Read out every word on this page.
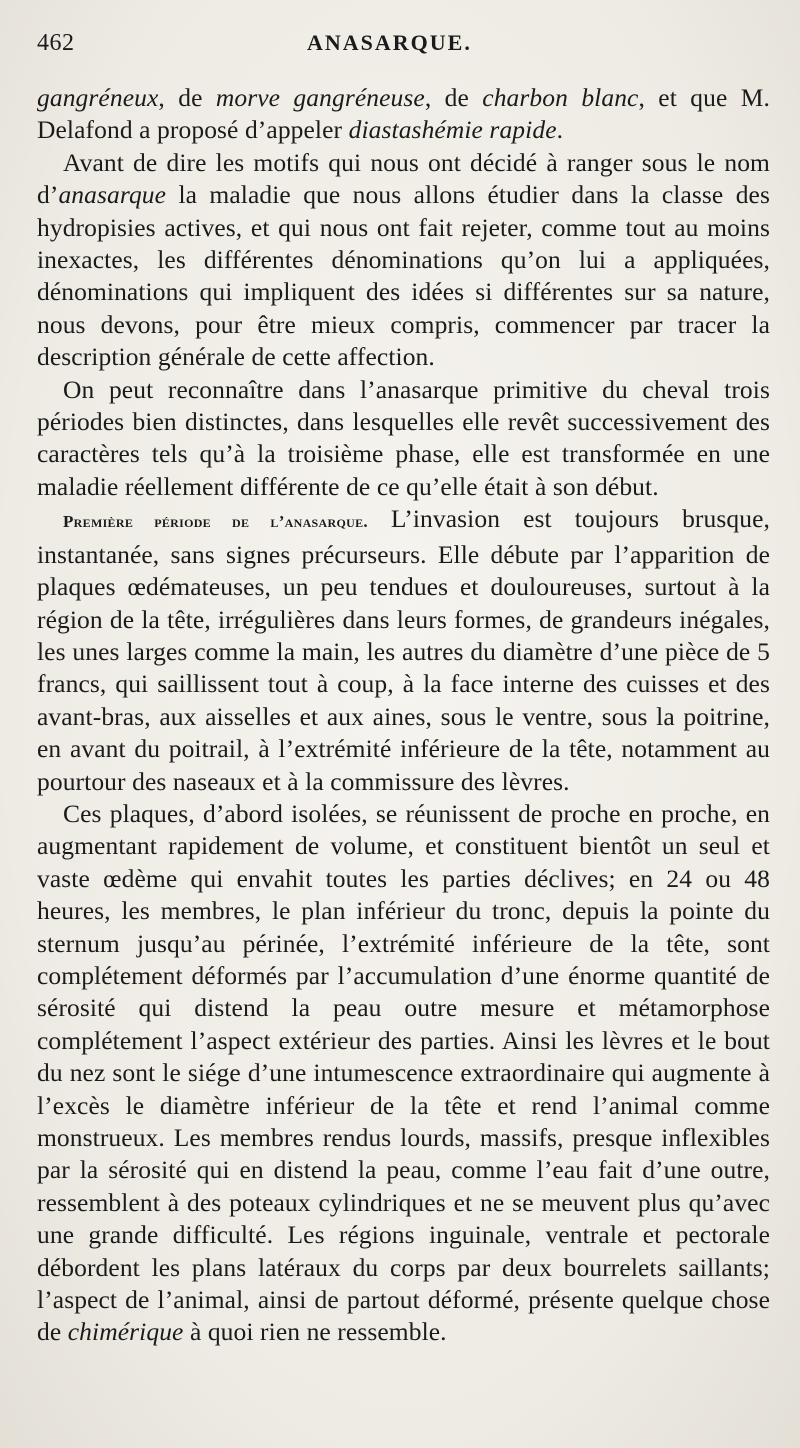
462	ANASARQUE.

gangréneux, de morve gangréneuse, de charbon blanc, et que M. Delafond a proposé d’appeler diastashémie rapide.

Avant de dire les motifs qui nous ont décidé à ranger sous le nom d’anasarque la maladie que nous allons étudier dans la classe des hydropisies actives, et qui nous ont fait rejeter, comme tout au moins inexactes, les différentes dénominations qu’on lui a appliquées, dénominations qui impliquent des idées si différentes sur sa nature, nous devons, pour être mieux compris, commencer par tracer la description générale de cette affection.

On peut reconnaître dans l’anasarque primitive du cheval trois périodes bien distinctes, dans lesquelles elle revêt successivement des caractères tels qu’à la troisième phase, elle est transformée en une maladie réellement différente de ce qu’elle était à son début.

Première période de l’anasarque. L’invasion est toujours brusque, instantanée, sans signes précurseurs. Elle débute par l’apparition de plaques œdémateuses, un peu tendues et douloureuses, surtout à la région de la tête, irrégulières dans leurs formes, de grandeurs inégales, les unes larges comme la main, les autres du diamètre d’une pièce de 5 francs, qui saillissent tout à coup, à la face interne des cuisses et des avant-bras, aux aisselles et aux aines, sous le ventre, sous la poitrine, en avant du poitrail, à l’extrémité inférieure de la tête, notamment au pourtour des naseaux et à la commissure des lèvres.

Ces plaques, d’abord isolées, se réunissent de proche en proche, en augmentant rapidement de volume, et constituent bientôt un seul et vaste œdème qui envahit toutes les parties déclives; en 24 ou 48 heures, les membres, le plan inférieur du tronc, depuis la pointe du sternum jusqu’au périnée, l’extrémité inférieure de la tête, sont complétement déformés par l’accumulation d’une énorme quantité de sérosité qui distend la peau outre mesure et métamorphose complétement l’aspect extérieur des parties. Ainsi les lèvres et le bout du nez sont le siége d’une intumescence extraordinaire qui augmente à l’excès le diamètre inférieur de la tête et rend l’animal comme monstrueux. Les membres rendus lourds, massifs, presque inflexibles par la sérosité qui en distend la peau, comme l’eau fait d’une outre, ressemblent à des poteaux cylindriques et ne se meuvent plus qu’avec une grande difficulté. Les régions inguinale, ventrale et pectorale débordent les plans latéraux du corps par deux bourrelets saillants; l’aspect de l’animal, ainsi de partout déformé, présente quelque chose de chimérique à quoi rien ne ressemble.
